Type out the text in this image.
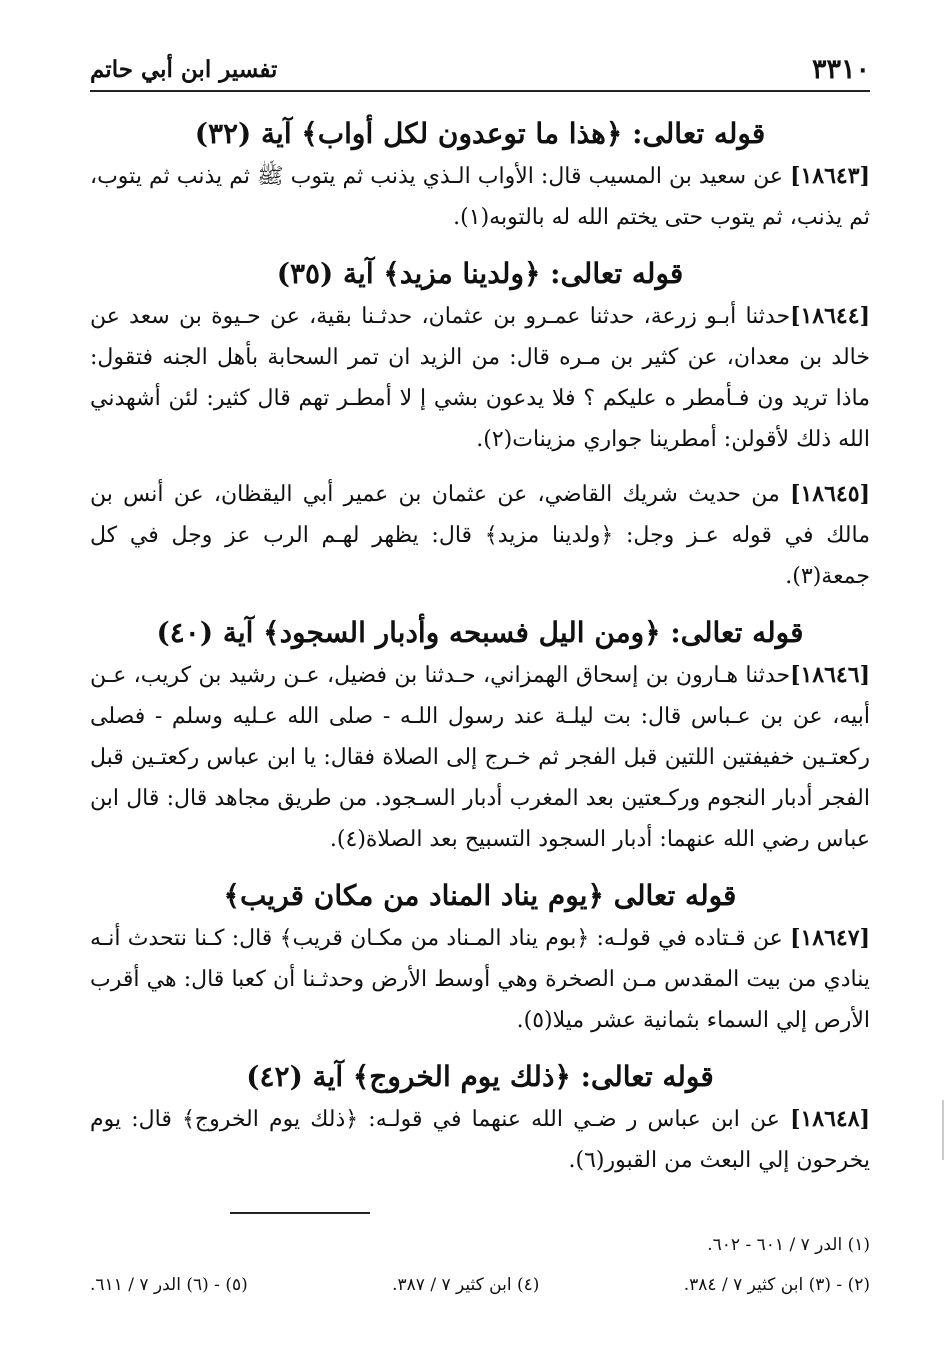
٣٣١٠
تفسير ابن أبي حاتم
قوله تعالى: ﴿هذا ما توعدون لكل أواب﴾ آية (٣٢)

[١٨٦٤٣] عن سعيد بن المسيب قال: الأواب الـذي يذنب ثم يتوب ﷺ ثم يذنب ثم يتوب، ثم يذنب، ثم يتوب حتى يختم الله له بالتوبه(١).

قوله تعالى: ﴿ولدينا مزيد﴾ آية (٣٥)

[١٨٦٤٤]حدثنا أبـو زرعة، حدثنا عمـرو بن عثمان، حدثـنا بقية، عن حـيوة بن سعد عن خالد بن معدان، عن كثير بن مـره قال: من الزيد ان تمر السحابة بأهل الجنه فتقول: ماذا تريد ون فـأمطر ه عليكم ؟ فلا يدعون بشي إ لا أمطـر تهم قال كثير: لئن أشهدني الله ذلك لأقولن: أمطرينا جواري مزينات(٢).

[١٨٦٤٥] من حديث شريك القاضي، عن عثمان بن عمير أبي اليقظان، عن أنس بن مالك في قوله عـز وجل: ﴿ولدينا مزيد﴾ قال: يظهر لهـم الرب عز وجل في كل جمعة(٣).

قوله تعالى: ﴿ومن اليل فسبحه وأدبار السجود﴾ آية (٤٠)

[١٨٦٤٦]حدثنا هـارون بن إسحاق الهمزاني، حـدثنا بن فضيل، عـن رشيد بن كريب، عـن أبيه، عن بن عـباس قال: بت ليلـة عند رسول اللـه - صلى الله عـليه وسلم - فصلى ركعتـين خفيفتين اللتين قبل الفجر ثم خـرج إلى الصلاة فقال: يا ابن عباس ركعتـين قبل الفجر أدبار النجوم وركـعتين بعد المغرب أدبار السـجود. من طريق مجاهد قال: قال ابن عباس رضي الله عنهما: أدبار السجود التسبيح بعد الصلاة(٤).

قوله تعالى ﴿يوم يناد المناد من مكان قريب﴾

[١٨٦٤٧] عن قـتاده في قولـه: ﴿بوم يناد المـناد من مكـان قريب﴾ قال: كـنا نتحدث أنـه ينادي من بيت المقدس مـن الصخرة وهي أوسط الأرض وحدثـنا أن كعبا قال: هي أقرب الأرص إلي السماء بثمانية عشر ميلا(٥).

قوله تعالى: ﴿ذلك يوم الخروج﴾ آية (٤٢)

[١٨٦٤٨] عن ابن عباس ر ضـي الله عنهما في قولـه: ﴿ذلك يوم الخروج﴾ قال: يوم يخرحون إلي البعث من القبور(٦).

(١) الدر ٧ / ٦٠١ - ٦٠٢.
(٢) - (٣) ابن كثير ٧ / ٣٨٤.
(٤) ابن كثير ٧ / ٣٨٧.
(٥) - (٦) الدر ٧ / ٦١١.
